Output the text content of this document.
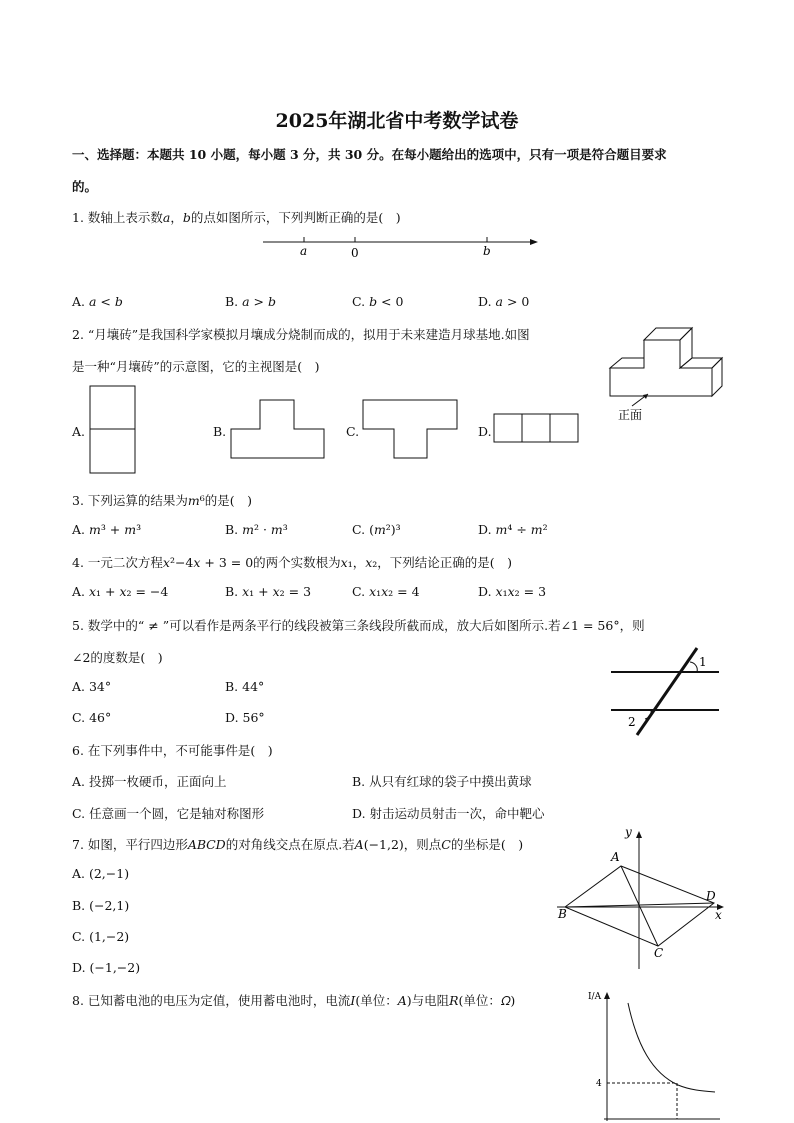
2025年湖北省中考数学试卷
一、选择题：本题共 10 小题，每小题 3 分，共 30 分。在每小题给出的选项中，只有一项是符合题目要求
的。
1. 数轴上表示数𝑎，𝑏的点如图所示，下列判断正确的是(　)
𝑎	0	𝑏
A. 𝑎 < 𝑏	B. 𝑎 > 𝑏	C. 𝑏 < 0	D. 𝑎 > 0
2. “月壤砖”是我国科学家模拟月壤成分烧制而成的，拟用于未来建造月球基地.如图
是一种“月壤砖”的示意图，它的主视图是(　)
正面
A.	B.	C.	D.
3. 下列运算的结果为𝑚⁶的是(　)
A. 𝑚³ + 𝑚³	B. 𝑚² · 𝑚³	C. (𝑚²)³	D. 𝑚⁴ ÷ 𝑚²
4. 一元二次方程𝑥²−4𝑥 + 3 = 0的两个实数根为𝑥₁，𝑥₂，下列结论正确的是(　)
A. 𝑥₁ + 𝑥₂ = −4	B. 𝑥₁ + 𝑥₂ = 3	C. 𝑥₁𝑥₂ = 4	D. 𝑥₁𝑥₂ = 3
5. 数学中的“ ≠ ”可以看作是两条平行的线段被第三条线段所截而成，放大后如图所示.若∠1 = 56°，则
∠2的度数是(　)	1
2
A. 34°	B. 44°
C. 46°	D. 56°
6. 在下列事件中，不可能事件是(　)
A. 投掷一枚硬币，正面向上	B. 从只有红球的袋子中摸出黄球
C. 任意画一个圆，它是轴对称图形	D. 射击运动员射击一次，命中靶心
7. 如图，平行四边形𝐴𝐵𝐶𝐷的对角线交点在原点.若𝐴(−1,2)，则点𝐶的坐标是(　)
A. (2,−1)
B. (−2,1)
C. (1,−2)
D. (−1,−2)
y
x
A
B
C
D
8. 已知蓄电池的电压为定值，使用蓄电池时，电流𝐼(单位：𝐴)与电阻𝑅(单位：𝛺)	I/A
4
